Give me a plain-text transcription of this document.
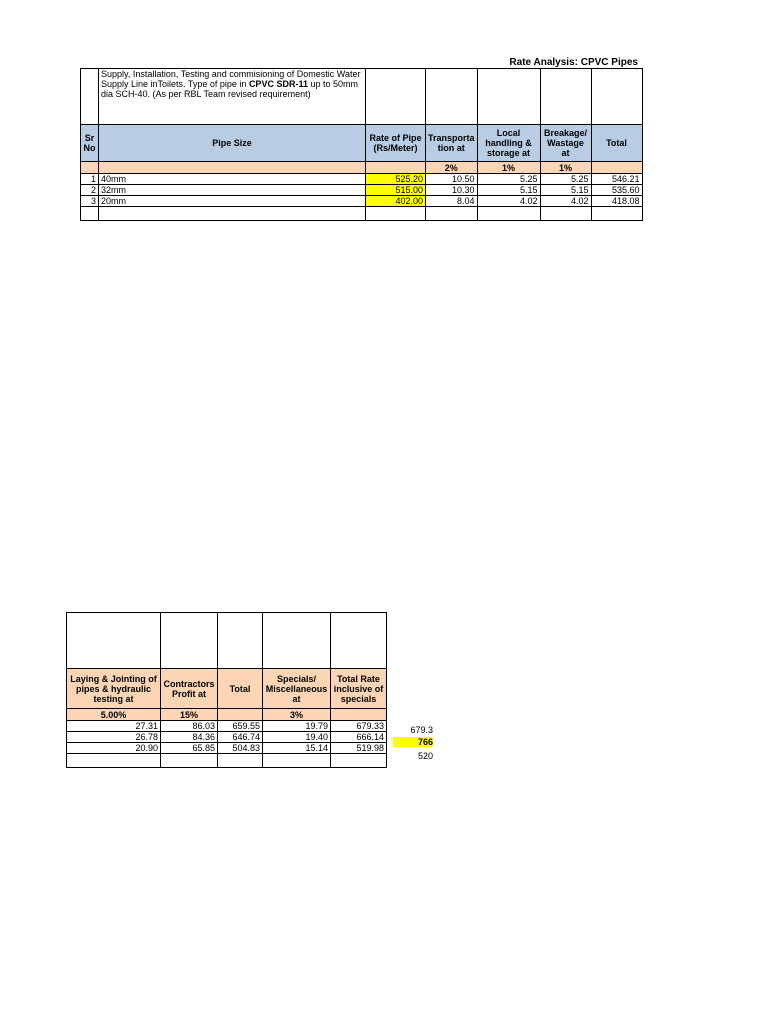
Rate Analysis: CPVC Pipes
	Supply, Installation, Testing and commisioning of Domestic Water Supply Line inToilets. Type of pipe in CPVC SDR-11 up to 50mm dia SCH-40. (As per RBL Team revised requirement)					
Sr No	Pipe Size	Rate of Pipe (Rs/Meter)	Transporta tion at	Local handling & storage at	Breakage/ Wastage at	Total
			2%	1%	1%	
1	40mm	525.20	10.50	5.25	5.25	546.21
2	32mm	515.00	10.30	5.15	5.15	535.60
3	20mm	402.00	8.04	4.02	4.02	418.08

Laying & Jointing of pipes & hydraulic testing at	Contractors Profit at	Total	Specials/ Miscellaneous at	Total Rate inclusive of specials
5.00%	15%		3%	
27.31	86.03	659.55	19.79	679.33
26.78	84.36	646.74	19.40	666.14
20.90	65.85	504.83	15.14	519.98

679.3
766
520
